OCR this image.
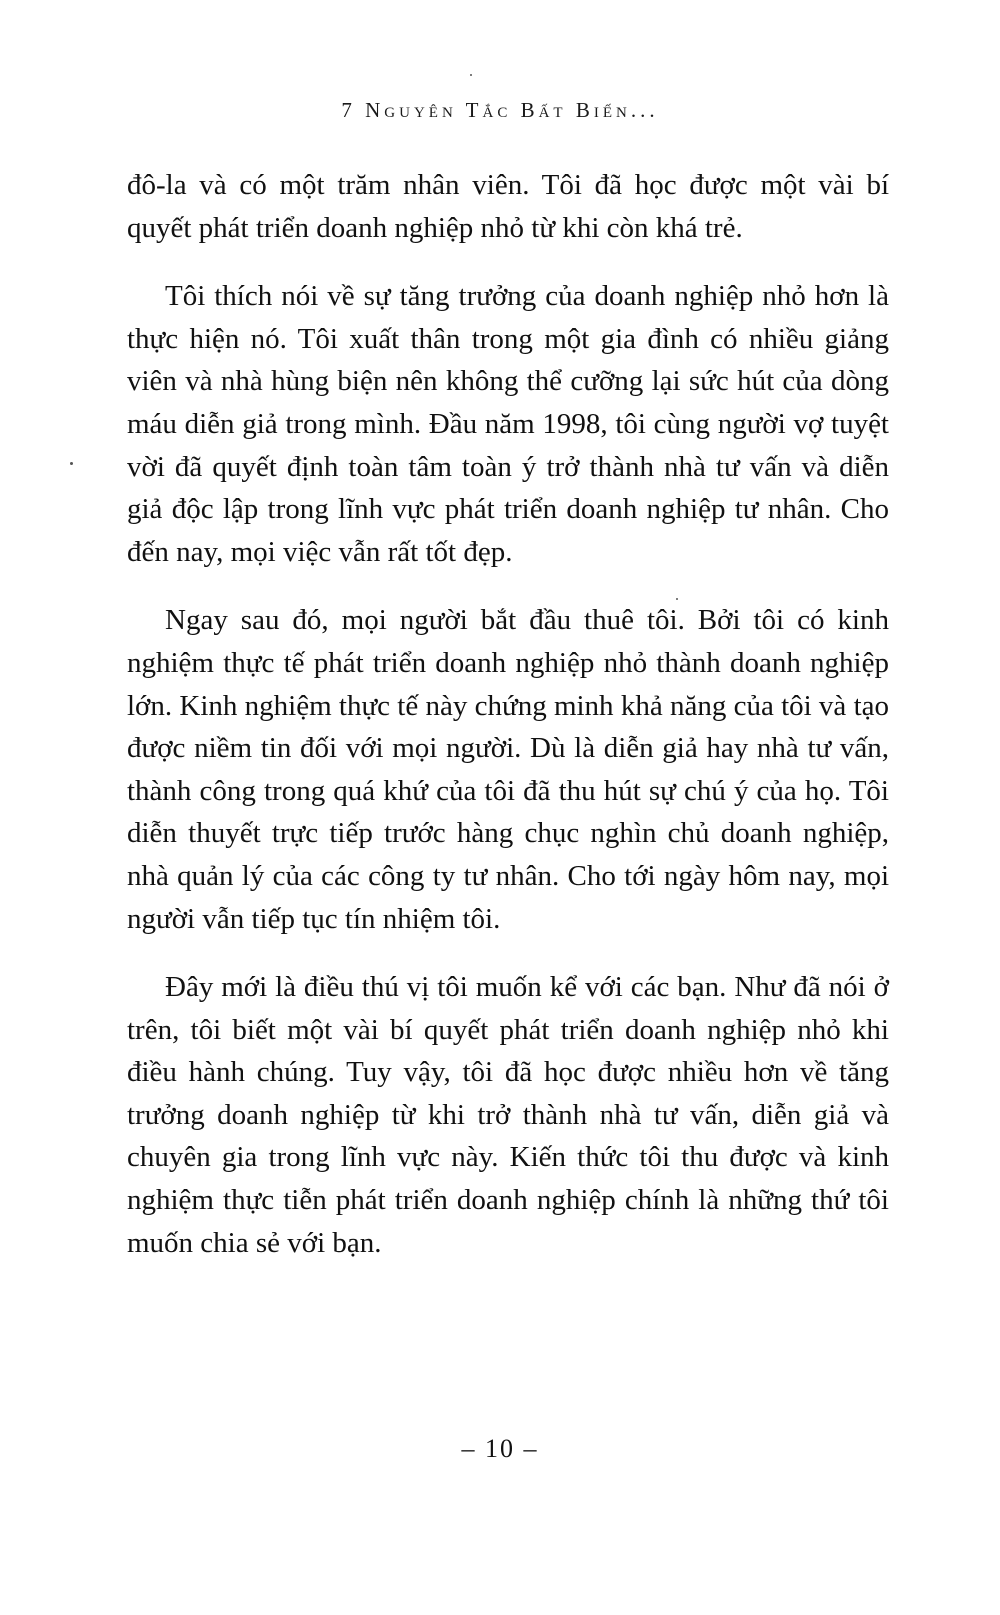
7 Nguyên Tắc Bất Biến...

đô-la và có một trăm nhân viên. Tôi đã học được một vài bí quyết phát triển doanh nghiệp nhỏ từ khi còn khá trẻ.

Tôi thích nói về sự tăng trưởng của doanh nghiệp nhỏ hơn là thực hiện nó. Tôi xuất thân trong một gia đình có nhiều giảng viên và nhà hùng biện nên không thể cưỡng lại sức hút của dòng máu diễn giả trong mình. Đầu năm 1998, tôi cùng người vợ tuyệt vời đã quyết định toàn tâm toàn ý trở thành nhà tư vấn và diễn giả độc lập trong lĩnh vực phát triển doanh nghiệp tư nhân. Cho đến nay, mọi việc vẫn rất tốt đẹp.

Ngay sau đó, mọi người bắt đầu thuê tôi. Bởi tôi có kinh nghiệm thực tế phát triển doanh nghiệp nhỏ thành doanh nghiệp lớn. Kinh nghiệm thực tế này chứng minh khả năng của tôi và tạo được niềm tin đối với mọi người. Dù là diễn giả hay nhà tư vấn, thành công trong quá khứ của tôi đã thu hút sự chú ý của họ. Tôi diễn thuyết trực tiếp trước hàng chục nghìn chủ doanh nghiệp, nhà quản lý của các công ty tư nhân. Cho tới ngày hôm nay, mọi người vẫn tiếp tục tín nhiệm tôi.

Đây mới là điều thú vị tôi muốn kể với các bạn. Như đã nói ở trên, tôi biết một vài bí quyết phát triển doanh nghiệp nhỏ khi điều hành chúng. Tuy vậy, tôi đã học được nhiều hơn về tăng trưởng doanh nghiệp từ khi trở thành nhà tư vấn, diễn giả và chuyên gia trong lĩnh vực này. Kiến thức tôi thu được và kinh nghiệm thực tiễn phát triển doanh nghiệp chính là những thứ tôi muốn chia sẻ với bạn.

– 10 –
